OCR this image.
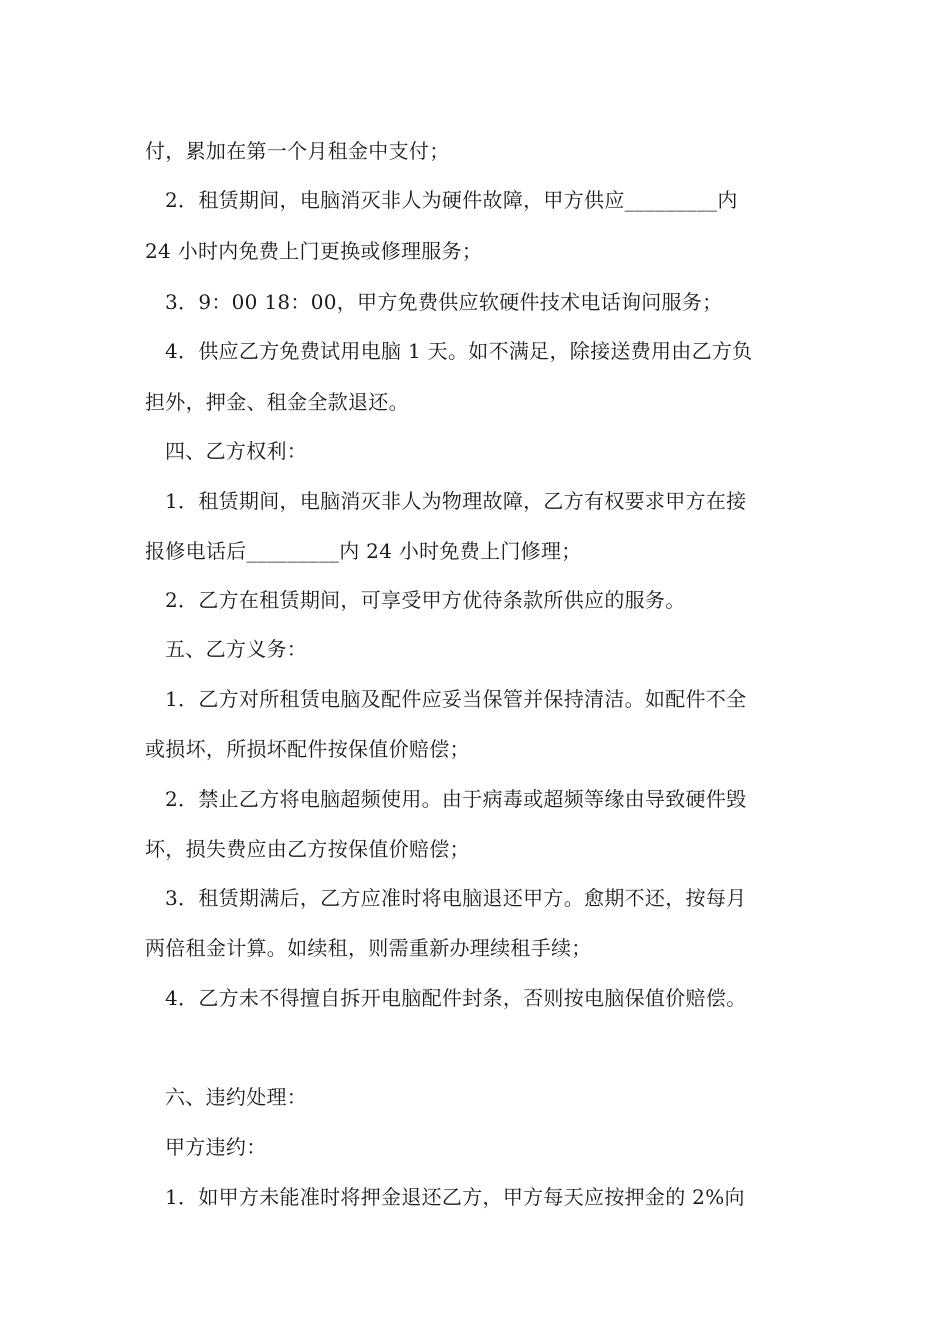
付，累加在第一个月租金中支付；
2．租赁期间，电脑消灭非人为硬件故障，甲方供应_________内
24 小时内免费上门更换或修理服务；
3．9：00 18：00，甲方免费供应软硬件技术电话询问服务；
4．供应乙方免费试用电脑 1 天。如不满足，除接送费用由乙方负
担外，押金、租金全款退还。
四、乙方权利：
1．租赁期间，电脑消灭非人为物理故障，乙方有权要求甲方在接
报修电话后_________内 24 小时免费上门修理；
2．乙方在租赁期间，可享受甲方优待条款所供应的服务。
五、乙方义务：
1．乙方对所租赁电脑及配件应妥当保管并保持清洁。如配件不全
或损坏，所损坏配件按保值价赔偿；
2．禁止乙方将电脑超频使用。由于病毒或超频等缘由导致硬件毁
坏，损失费应由乙方按保值价赔偿；
3．租赁期满后，乙方应准时将电脑退还甲方。愈期不还，按每月
两倍租金计算。如续租，则需重新办理续租手续；
4．乙方未不得擅自拆开电脑配件封条，否则按电脑保值价赔偿。
六、违约处理：
甲方违约：
1．如甲方未能准时将押金退还乙方，甲方每天应按押金的 2%向
